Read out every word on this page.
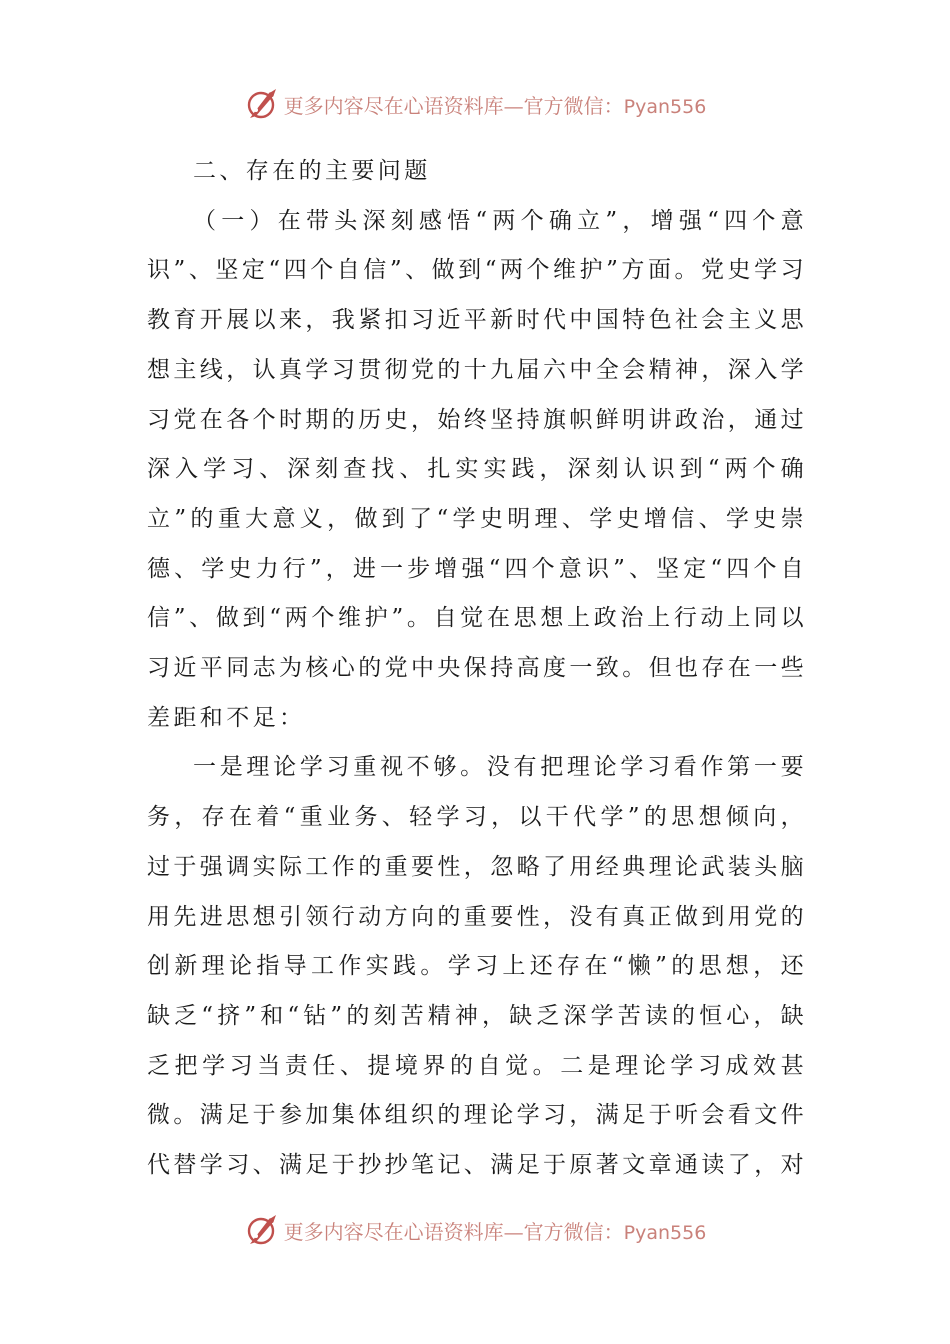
更多内容尽在心语资料库—官方微信：Pyan556

二、存在的主要问题

（一）在带头深刻感悟“两个确立”，增强“四个意识”、坚定“四个自信”、做到“两个维护”方面。党史学习教育开展以来，我紧扣习近平新时代中国特色社会主义思想主线，认真学习贯彻党的十九届六中全会精神，深入学习党在各个时期的历史，始终坚持旗帜鲜明讲政治，通过深入学习、深刻查找、扎实实践，深刻认识到“两个确立”的重大意义，做到了“学史明理、学史增信、学史崇德、学史力行”，进一步增强“四个意识”、坚定“四个自信”、做到“两个维护”。自觉在思想上政治上行动上同以习近平同志为核心的党中央保持高度一致。但也存在一些差距和不足：

一是理论学习重视不够。没有把理论学习看作第一要务，存在着“重业务、轻学习，以干代学”的思想倾向，过于强调实际工作的重要性，忽略了用经典理论武装头脑用先进思想引领行动方向的重要性，没有真正做到用党的创新理论指导工作实践。学习上还存在“懒”的思想，还缺乏“挤”和“钻”的刻苦精神，缺乏深学苦读的恒心，缺乏把学习当责任、提境界的自觉。二是理论学习成效甚微。满足于参加集体组织的理论学习，满足于听会看文件代替学习、满足于抄抄笔记、满足于原著文章通读了，对

更多内容尽在心语资料库—官方微信：Pyan556
